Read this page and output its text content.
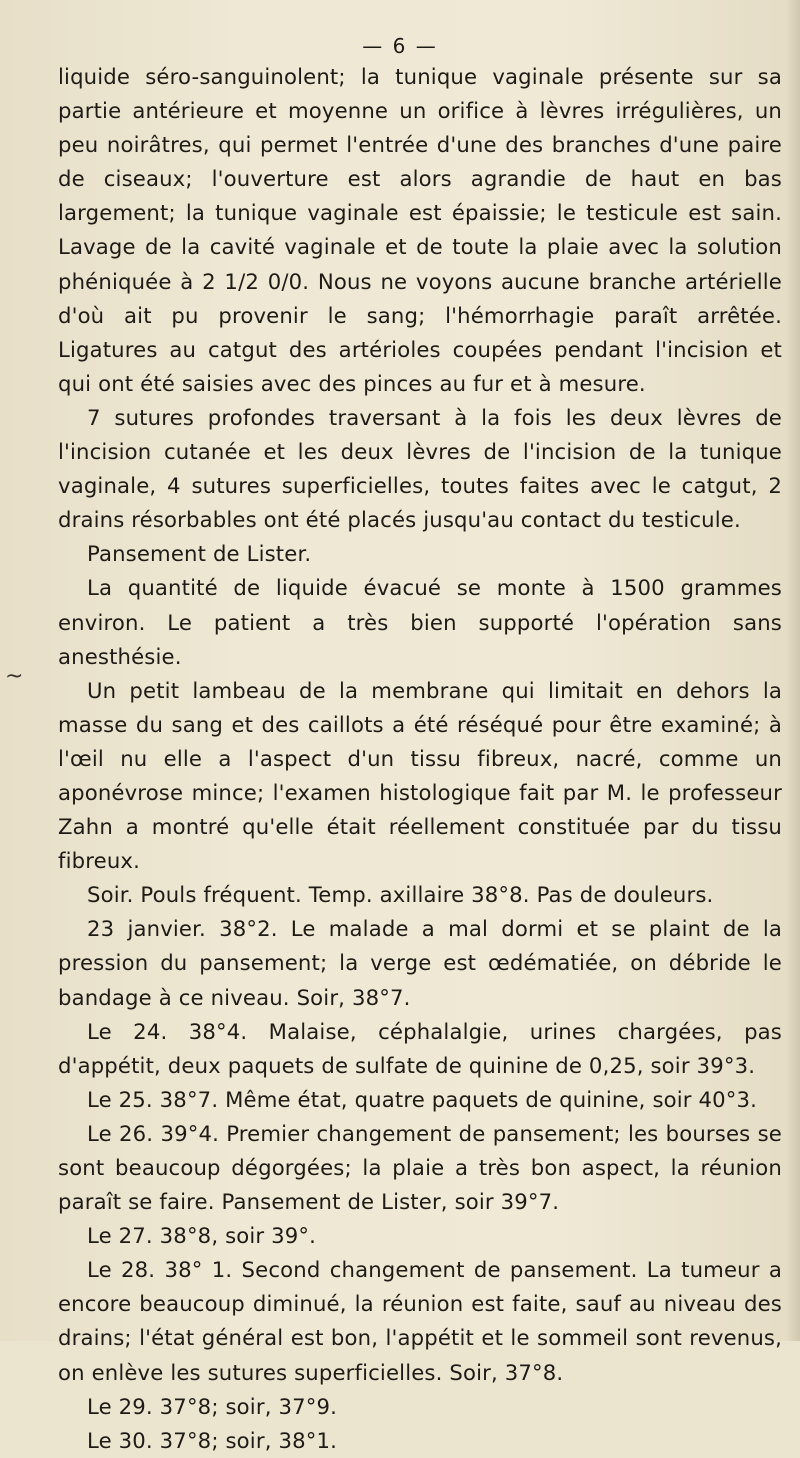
— 6 —
~

liquide séro-sanguinolent; la tunique vaginale présente sur sa partie antérieure et moyenne un orifice à lèvres irrégulières, un peu noirâtres, qui permet l'entrée d'une des branches d'une paire de ciseaux; l'ouverture est alors agrandie de haut en bas largement; la tunique vaginale est épaissie; le testicule est sain. Lavage de la cavité vaginale et de toute la plaie avec la solution phéniquée à 2 1/2 0/0. Nous ne voyons aucune branche artérielle d'où ait pu provenir le sang; l'hémorrhagie paraît arrêtée. Ligatures au catgut des artérioles coupées pendant l'incision et qui ont été saisies avec des pinces au fur et à mesure.

7 sutures profondes traversant à la fois les deux lèvres de l'incision cutanée et les deux lèvres de l'incision de la tunique vaginale, 4 sutures superficielles, toutes faites avec le catgut, 2 drains résorbables ont été placés jusqu'au contact du testicule.

Pansement de Lister.

La quantité de liquide évacué se monte à 1500 grammes environ. Le patient a très bien supporté l'opération sans anesthésie.

Un petit lambeau de la membrane qui limitait en dehors la masse du sang et des caillots a été réséqué pour être examiné; à l'œil nu elle a l'aspect d'un tissu fibreux, nacré, comme un aponévrose mince; l'examen histologique fait par M. le professeur Zahn a montré qu'elle était réellement constituée par du tissu fibreux.

Soir. Pouls fréquent. Temp. axillaire 38°8. Pas de douleurs.

23 janvier. 38°2. Le malade a mal dormi et se plaint de la pression du pansement; la verge est œdématiée, on débride le bandage à ce niveau. Soir, 38°7.

Le 24. 38°4. Malaise, céphalalgie, urines chargées, pas d'appétit, deux paquets de sulfate de quinine de 0,25, soir 39°3.

Le 25. 38°7. Même état, quatre paquets de quinine, soir 40°3.

Le 26. 39°4. Premier changement de pansement; les bourses se sont beaucoup dégorgées; la plaie a très bon aspect, la réunion paraît se faire. Pansement de Lister, soir 39°7.

Le 27. 38°8, soir 39°.

Le 28. 38° 1. Second changement de pansement. La tumeur a encore beaucoup diminué, la réunion est faite, sauf au niveau des drains; l'état général est bon, l'appétit et le sommeil sont revenus, on enlève les sutures superficielles. Soir, 37°8.

Le 29. 37°8; soir, 37°9.

Le 30. 37°8; soir, 38°1.
